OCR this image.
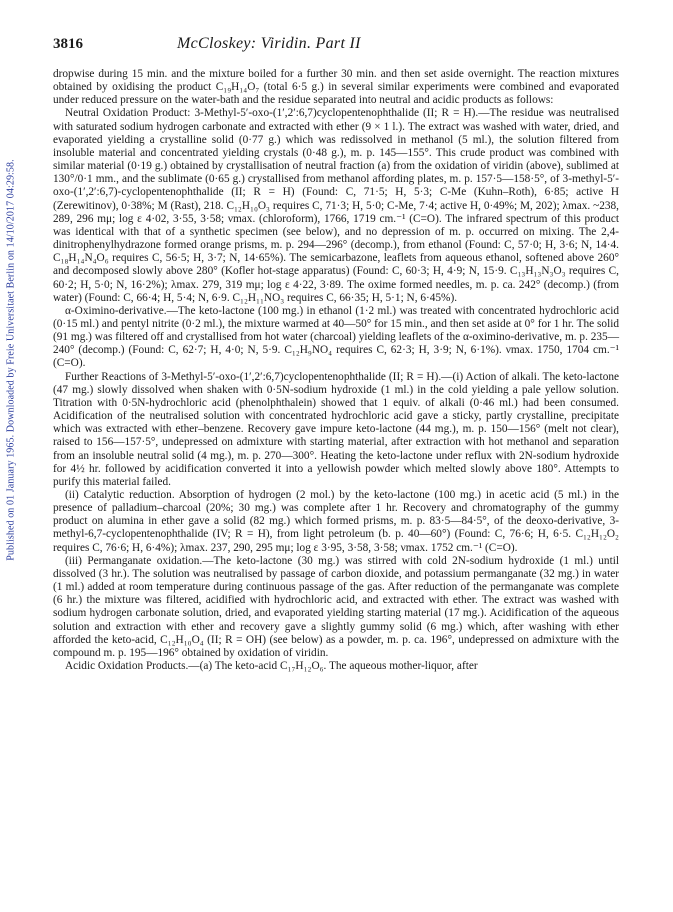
Published on 01 January 1965. Downloaded by Freie Universitaet Berlin on 14/10/2017 04:29:58.
3816	McCloskey: Viridin. Part II

dropwise during 15 min. and the mixture boiled for a further 30 min. and then set aside overnight. The reaction mixtures obtained by oxidising the product C₁₉H₁₄O₇ (total 6·5 g.) in several similar experiments were combined and evaporated under reduced pressure on the water-bath and the residue separated into neutral and acidic products as follows:

Neutral Oxidation Product: 3-Methyl-5′-oxo-(1′,2′:6,7)cyclopentenophthalide (II; R = H).—The residue was neutralised with saturated sodium hydrogen carbonate and extracted with ether (9 × 1 l.). The extract was washed with water, dried, and evaporated yielding a crystalline solid (0·77 g.) which was redissolved in methanol (5 ml.), the solution filtered from insoluble material and concentrated yielding crystals (0·48 g.), m. p. 145—155°. This crude product was combined with similar material (0·19 g.) obtained by crystallisation of neutral fraction (a) from the oxidation of viridin (above), sublimed at 130°/0·1 mm., and the sublimate (0·65 g.) crystallised from methanol affording plates, m. p. 157·5—158·5°, of 3-methyl-5′-oxo-(1′,2′:6,7)-cyclopentenophthalide (II; R = H) (Found: C, 71·5; H, 5·3; C-Me (Kuhn–Roth), 6·85; active H (Zerewitinov), 0·38%; M (Rast), 218. C₁₂H₁₀O₃ requires C, 71·3; H, 5·0; C-Me, 7·4; active H, 0·49%; M, 202); λmax. ~238, 289, 296 mμ; log ε 4·02, 3·55, 3·58; νmax. (chloroform), 1766, 1719 cm.⁻¹ (C=O). The infrared spectrum of this product was identical with that of a synthetic specimen (see below), and no depression of m. p. occurred on mixing. The 2,4-dinitrophenylhydrazone formed orange prisms, m. p. 294—296° (decomp.), from ethanol (Found: C, 57·0; H, 3·6; N, 14·4. C₁₈H₁₄N₄O₆ requires C, 56·5; H, 3·7; N, 14·65%). The semicarbazone, leaflets from aqueous ethanol, softened above 260° and decomposed slowly above 280° (Kofler hot-stage apparatus) (Found: C, 60·3; H, 4·9; N, 15·9. C₁₃H₁₃N₃O₃ requires C, 60·2; H, 5·0; N, 16·2%); λmax. 279, 319 mμ; log ε 4·22, 3·89. The oxime formed needles, m. p. ca. 242° (decomp.) (from water) (Found: C, 66·4; H, 5·4; N, 6·9. C₁₂H₁₁NO₃ requires C, 66·35; H, 5·1; N, 6·45%).

α-Oximino-derivative.—The keto-lactone (100 mg.) in ethanol (1·2 ml.) was treated with concentrated hydrochloric acid (0·15 ml.) and pentyl nitrite (0·2 ml.), the mixture warmed at 40—50° for 15 min., and then set aside at 0° for 1 hr. The solid (91 mg.) was filtered off and crystallised from hot water (charcoal) yielding leaflets of the α-oximino-derivative, m. p. 235—240° (decomp.) (Found: C, 62·7; H, 4·0; N, 5·9. C₁₂H₉NO₄ requires C, 62·3; H, 3·9; N, 6·1%). νmax. 1750, 1704 cm.⁻¹ (C=O).

Further Reactions of 3-Methyl-5′-oxo-(1′,2′:6,7)cyclopentenophthalide (II; R = H).—(i) Action of alkali. The keto-lactone (47 mg.) slowly dissolved when shaken with 0·5N-sodium hydroxide (1 ml.) in the cold yielding a pale yellow solution. Titration with 0·5N-hydrochloric acid (phenolphthalein) showed that 1 equiv. of alkali (0·46 ml.) had been consumed. Acidification of the neutralised solution with concentrated hydrochloric acid gave a sticky, partly crystalline, precipitate which was extracted with ether–benzene. Recovery gave impure keto-lactone (44 mg.), m. p. 150—156° (melt not clear), raised to 156—157·5°, undepressed on admixture with starting material, after extraction with hot methanol and separation from an insoluble neutral solid (4 mg.), m. p. 270—300°. Heating the keto-lactone under reflux with 2N-sodium hydroxide for 4½ hr. followed by acidification converted it into a yellowish powder which melted slowly above 180°. Attempts to purify this material failed.

(ii) Catalytic reduction. Absorption of hydrogen (2 mol.) by the keto-lactone (100 mg.) in acetic acid (5 ml.) in the presence of palladium–charcoal (20%; 30 mg.) was complete after 1 hr. Recovery and chromatography of the gummy product on alumina in ether gave a solid (82 mg.) which formed prisms, m. p. 83·5—84·5°, of the deoxo-derivative, 3-methyl-6,7-cyclopentenophthalide (IV; R = H), from light petroleum (b. p. 40—60°) (Found: C, 76·6; H, 6·5. C₁₂H₁₂O₂ requires C, 76·6; H, 6·4%); λmax. 237, 290, 295 mμ; log ε 3·95, 3·58, 3·58; νmax. 1752 cm.⁻¹ (C=O).

(iii) Permanganate oxidation.—The keto-lactone (30 mg.) was stirred with cold 2N-sodium hydroxide (1 ml.) until dissolved (3 hr.). The solution was neutralised by passage of carbon dioxide, and potassium permanganate (32 mg.) in water (1 ml.) added at room temperature during continuous passage of the gas. After reduction of the permanganate was complete (6 hr.) the mixture was filtered, acidified with hydrochloric acid, and extracted with ether. The extract was washed with sodium hydrogen carbonate solution, dried, and evaporated yielding starting material (17 mg.). Acidification of the aqueous solution and extraction with ether and recovery gave a slightly gummy solid (6 mg.) which, after washing with ether afforded the keto-acid, C₁₂H₁₀O₄ (II; R = OH) (see below) as a powder, m. p. ca. 196°, undepressed on admixture with the compound m. p. 195—196° obtained by oxidation of viridin.

Acidic Oxidation Products.—(a) The keto-acid C₁₇H₁₂O₆. The aqueous mother-liquor, after
